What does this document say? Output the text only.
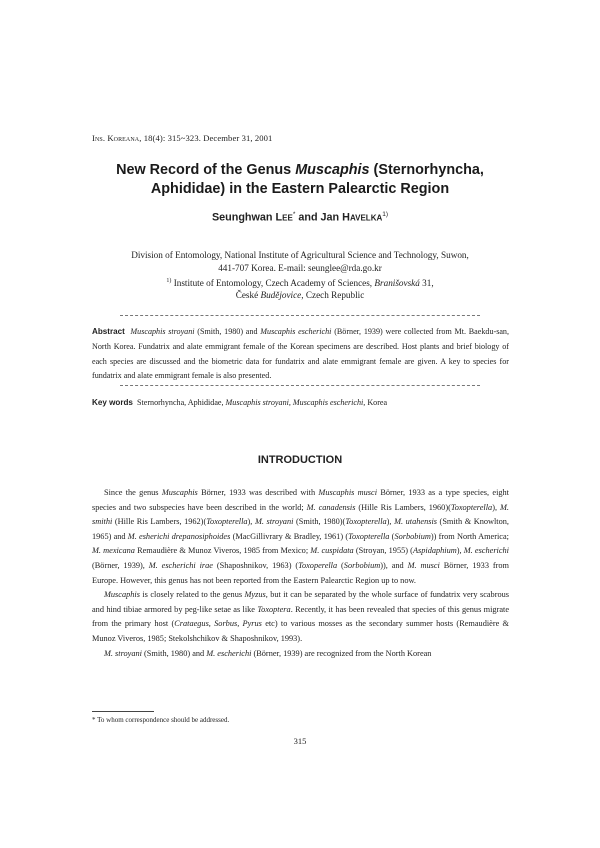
Ins. Koreana, 18(4): 315~323. December 31, 2001
New Record of the Genus Muscaphis (Sternorhyncha,
Aphididae) in the Eastern Palearctic Region
Seunghwan Lee* and Jan Havelka$^{1)}$
Division of Entomology, National Institute of Agricultural Science and Technology, Suwon,
441-707 Korea. E-mail: seunglee@rda.go.kr
$^{1)}$ Institute of Entomology, Czech Academy of Sciences, Branišovská 31,
České Budějovice, Czech Republic
Abstract Muscaphis stroyani (Smith, 1980) and Muscaphis escherichi (Börner, 1939) were collected from Mt. Baekdu-san, North Korea. Fundatrix and alate emmigrant female of the Korean specimens are described. Host plants and brief biology of each species are discussed and the biometric data for fundatrix and alate emmigrant female are given. A key to species for fundatrix and alate emmigrant female is also presented.
Key words Sternorhyncha, Aphididae, Muscaphis stroyani, Muscaphis escherichi, Korea
INTRODUCTION

Since the genus Muscaphis Börner, 1933 was described with Muscaphis musci Börner, 1933 as a type species, eight species and two subspecies have been described in the world; M. canadensis (Hille Ris Lambers, 1960)(Toxopterella), M. smithi (Hille Ris Lambers, 1962)(Toxopterella), M. stroyani (Smith, 1980)(Toxopterella), M. utahensis (Smith & Knowlton, 1965) and M. esherichi drepanosiphoides (MacGillivrary & Bradley, 1961) (Toxopterella (Sorbobium)) from North America; M. mexicana Remaudière & Munoz Viveros, 1985 from Mexico; M. cuspidata (Stroyan, 1955) (Aspidaphium), M. escherichi (Börner, 1939), M. escherichi irae (Shaposhnikov, 1963) (Toxoperella (Sorbobium)), and M. musci Börner, 1933 from Europe. However, this genus has not been reported from the Eastern Palearctic Region up to now.

Muscaphis is closely related to the genus Myzus, but it can be separated by the whole surface of fundatrix very scabrous and hind tibiae armored by peg-like setae as like Toxoptera. Recently, it has been revealed that species of this genus migrate from the primary host (Crataegus, Sorbus, Pyrus etc) to various mosses as the secondary summer hosts (Remaudière & Munoz Viveros, 1985; Stekolshchikov & Shaposhnikov, 1993).

M. stroyani (Smith, 1980) and M. escherichi (Börner, 1939) are recognized from the North Korean

* To whom correspondence should be addressed.
315
